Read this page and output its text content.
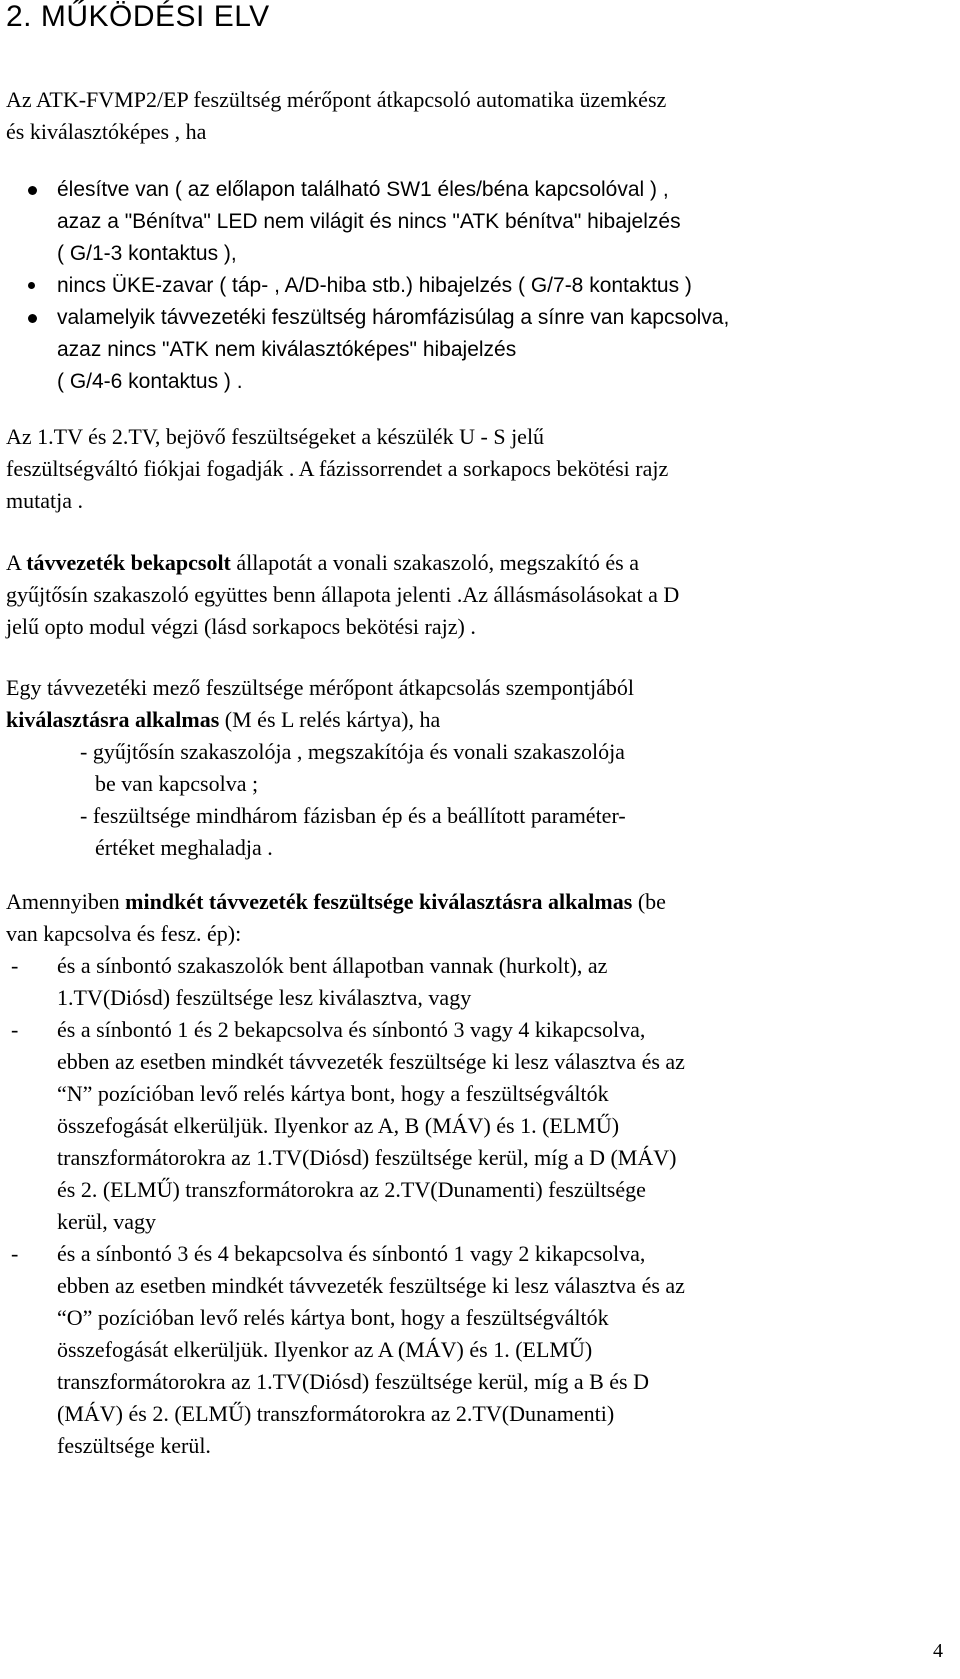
2. MŰKÖDÉSI ELV
Az ATK-FVMP2/EP feszültség mérőpont átkapcsoló automatika üzemkész
és kiválasztóképes , ha
élesítve van ( az előlapon található SW1 éles/béna kapcsolóval ) ,
azaz a "Bénítva" LED nem világit és nincs "ATK bénítva" hibajelzés
( G/1-3 kontaktus ),
nincs ÜKE-zavar ( táp- , A/D-hiba stb.) hibajelzés ( G/7-8 kontaktus )
valamelyik távvezetéki feszültség háromfázisúlag a sínre van kapcsolva,
azaz nincs "ATK nem kiválasztóképes" hibajelzés
( G/4-6 kontaktus ) .
Az 1.TV és 2.TV, bejövő feszültségeket a készülék U - S jelű
feszültségváltó fiókjai fogadják . A fázissorrendet a sorkapocs bekötési rajz
mutatja .
A távvezeték bekapcsolt állapotát a vonali szakaszoló, megszakító és a
gyűjtősín szakaszoló együttes benn állapota jelenti .Az állásmásolásokat a D
jelű opto modul végzi (lásd sorkapocs bekötési rajz) .
Egy távvezetéki mező feszültsége mérőpont átkapcsolás szempontjából
kiválasztásra alkalmas (M és L relés kártya), ha
- gyűjtősín szakaszolója , megszakítója és vonali szakaszolója
be van kapcsolva ;
- feszültsége mindhárom fázisban ép és a beállított paraméter-
értéket meghaladja .
Amennyiben mindkét távvezeték feszültsége kiválasztásra alkalmas (be
van kapcsolva és fesz. ép):
- és a sínbontó szakaszolók bent állapotban vannak (hurkolt), az
1.TV(Diósd) feszültsége lesz kiválasztva, vagy
- és a sínbontó 1 és 2 bekapcsolva és sínbontó 3 vagy 4 kikapcsolva,
ebben az esetben mindkét távvezeték feszültsége ki lesz választva és az
“N” pozícióban levő relés kártya bont, hogy a feszültségváltók
összefogását elkerüljük. Ilyenkor az A, B (MÁV) és 1. (ELMŰ)
transzformátorokra az 1.TV(Diósd) feszültsége kerül, míg a D (MÁV)
és 2. (ELMŰ) transzformátorokra az 2.TV(Dunamenti) feszültsége
kerül, vagy
- és a sínbontó 3 és 4 bekapcsolva és sínbontó 1 vagy 2 kikapcsolva,
ebben az esetben mindkét távvezeték feszültsége ki lesz választva és az
“O” pozícióban levő relés kártya bont, hogy a feszültségváltók
összefogását elkerüljük. Ilyenkor az A (MÁV) és 1. (ELMŰ)
transzformátorokra az 1.TV(Diósd) feszültsége kerül, míg a B és D
(MÁV) és 2. (ELMŰ) transzformátorokra az 2.TV(Dunamenti)
feszültsége kerül.
4
